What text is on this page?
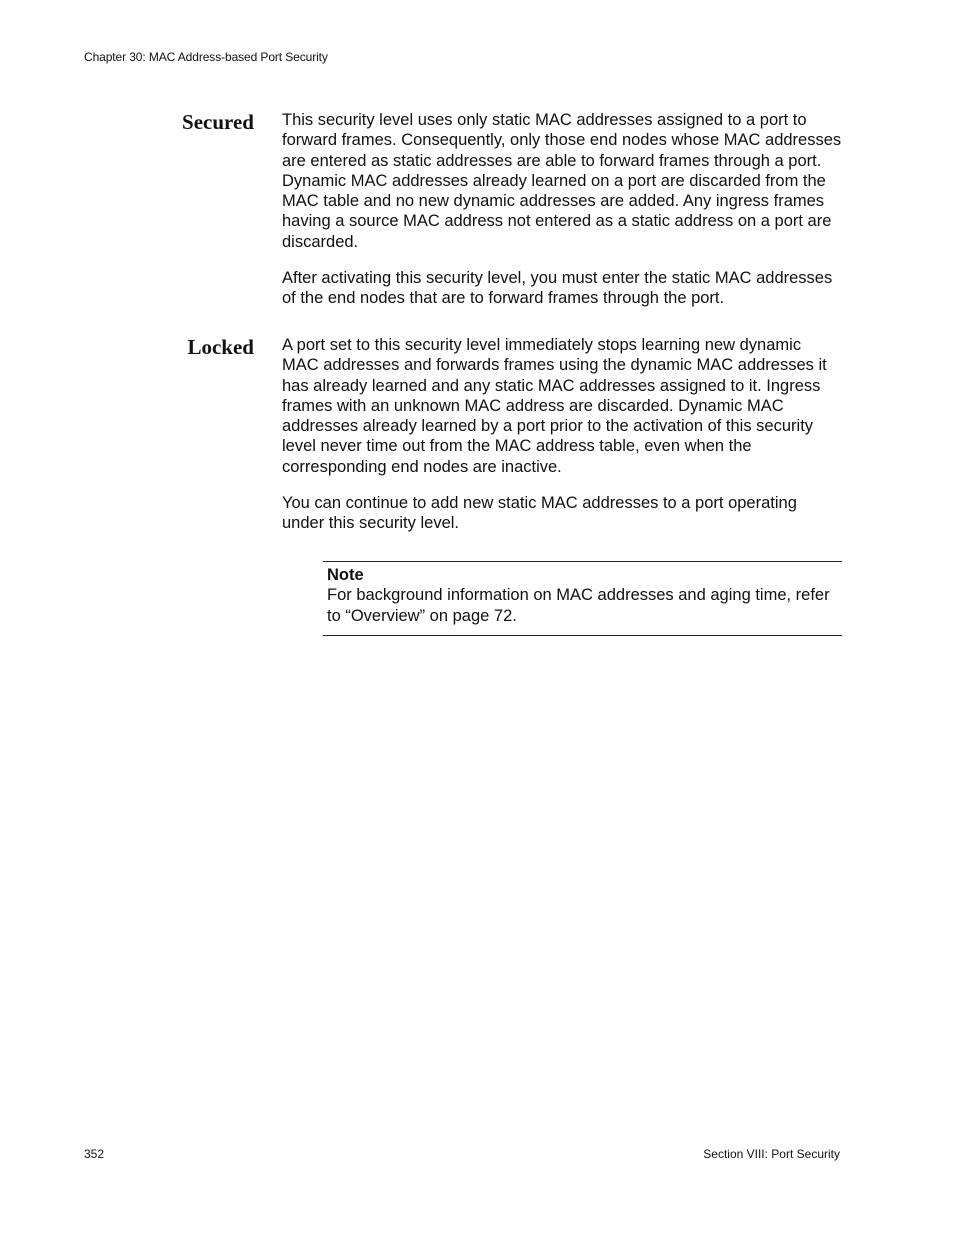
Chapter 30: MAC Address-based Port Security
Secured This security level uses only static MAC addresses assigned to a port to forward frames. Consequently, only those end nodes whose MAC addresses are entered as static addresses are able to forward frames through a port. Dynamic MAC addresses already learned on a port are discarded from the MAC table and no new dynamic addresses are added. Any ingress frames having a source MAC address not entered as a static address on a port are discarded.

After activating this security level, you must enter the static MAC addresses of the end nodes that are to forward frames through the port.

Locked A port set to this security level immediately stops learning new dynamic MAC addresses and forwards frames using the dynamic MAC addresses it has already learned and any static MAC addresses assigned to it. Ingress frames with an unknown MAC address are discarded. Dynamic MAC addresses already learned by a port prior to the activation of this security level never time out from the MAC address table, even when the corresponding end nodes are inactive.

You can continue to add new static MAC addresses to a port operating under this security level.

Note
For background information on MAC addresses and aging time, refer to “Overview” on page 72.
352	Section VIII: Port Security
